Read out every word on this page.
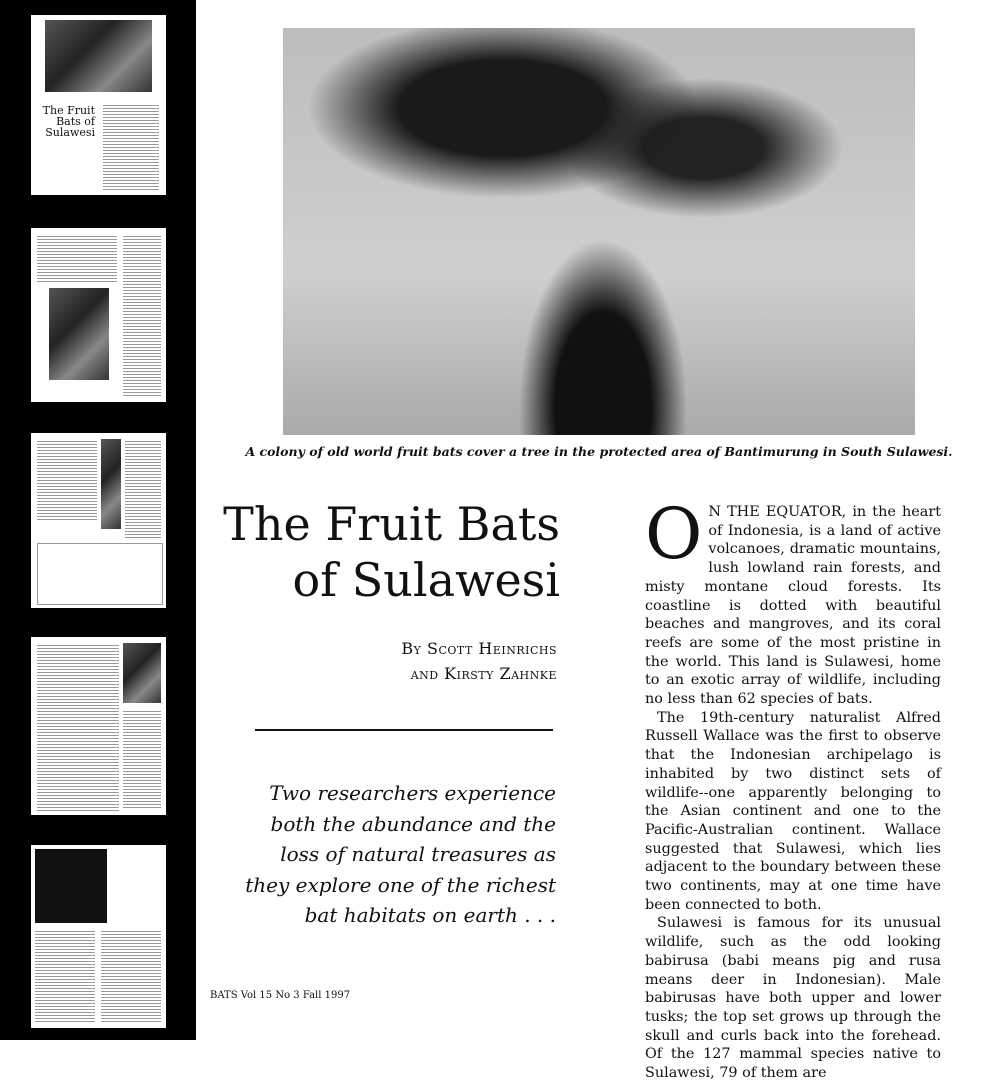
The Fruit Bats of Sulawesi
A colony of old world fruit bats cover a tree in the protected area of Bantimurung in South Sulawesi.
The Fruit Bats
of Sulawesi
By Scott Heinrichs
and Kirsty Zahnke
Two researchers experience both the abundance and the loss of natural treasures as they explore one of the richest bat habitats on earth . . .
BATS Vol 15 No 3 Fall 1997

O N THE EQUATOR, in the heart of Indonesia, is a land of active volcanoes, dramatic mountains, lush lowland rain forests, and misty montane cloud forests. Its coastline is dotted with beautiful beaches and mangroves, and its coral reefs are some of the most pristine in the world. This land is Sulawesi, home to an exotic array of wildlife, including no less than 62 species of bats.

The 19th-century naturalist Alfred Russell Wallace was the first to observe that the Indonesian archipelago is inhabited by two distinct sets of wildlife--one apparently belonging to the Asian continent and one to the Pacific-Australian continent. Wallace suggested that Sulawesi, which lies adjacent to the boundary between these two continents, may at one time have been connected to both.

Sulawesi is famous for its unusual wildlife, such as the odd looking babirusa (babi means pig and rusa means deer in Indonesian). Male babirusas have both upper and lower tusks; the top set grows up through the skull and curls back into the forehead. Of the 127 mammal species native to Sulawesi, 79 of them are
